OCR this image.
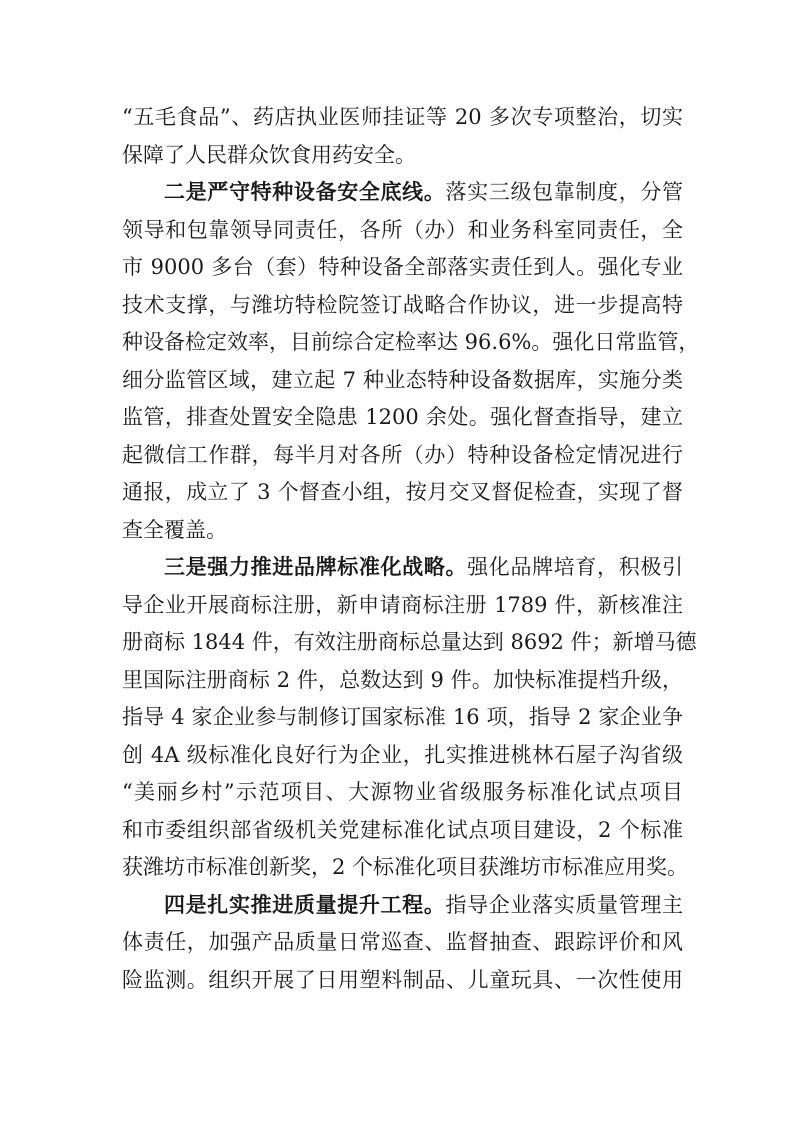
“五毛食品”、药店执业医师挂证等 20 多次专项整治，切实
保障了人民群众饮食用药安全。
二是严守特种设备安全底线。落实三级包靠制度，分管
领导和包靠领导同责任，各所（办）和业务科室同责任，全
市 9000 多台（套）特种设备全部落实责任到人。强化专业
技术支撑，与潍坊特检院签订战略合作协议，进一步提高特
种设备检定效率，目前综合定检率达 96.6%。强化日常监管，
细分监管区域，建立起 7 种业态特种设备数据库，实施分类
监管，排查处置安全隐患 1200 余处。强化督查指导，建立
起微信工作群，每半月对各所（办）特种设备检定情况进行
通报，成立了 3 个督查小组，按月交叉督促检查，实现了督
查全覆盖。
三是强力推进品牌标准化战略。强化品牌培育，积极引
导企业开展商标注册，新申请商标注册 1789 件，新核准注
册商标 1844 件，有效注册商标总量达到 8692 件；新增马德
里国际注册商标 2 件，总数达到 9 件。加快标准提档升级，
指导 4 家企业参与制修订国家标准 16 项，指导 2 家企业争
创 4A 级标准化良好行为企业，扎实推进桃林石屋子沟省级
“美丽乡村”示范项目、大源物业省级服务标准化试点项目
和市委组织部省级机关党建标准化试点项目建设，2 个标准
获潍坊市标准创新奖，2 个标准化项目获潍坊市标准应用奖。
四是扎实推进质量提升工程。指导企业落实质量管理主
体责任，加强产品质量日常巡查、监督抽查、跟踪评价和风
险监测。组织开展了日用塑料制品、儿童玩具、一次性使用
